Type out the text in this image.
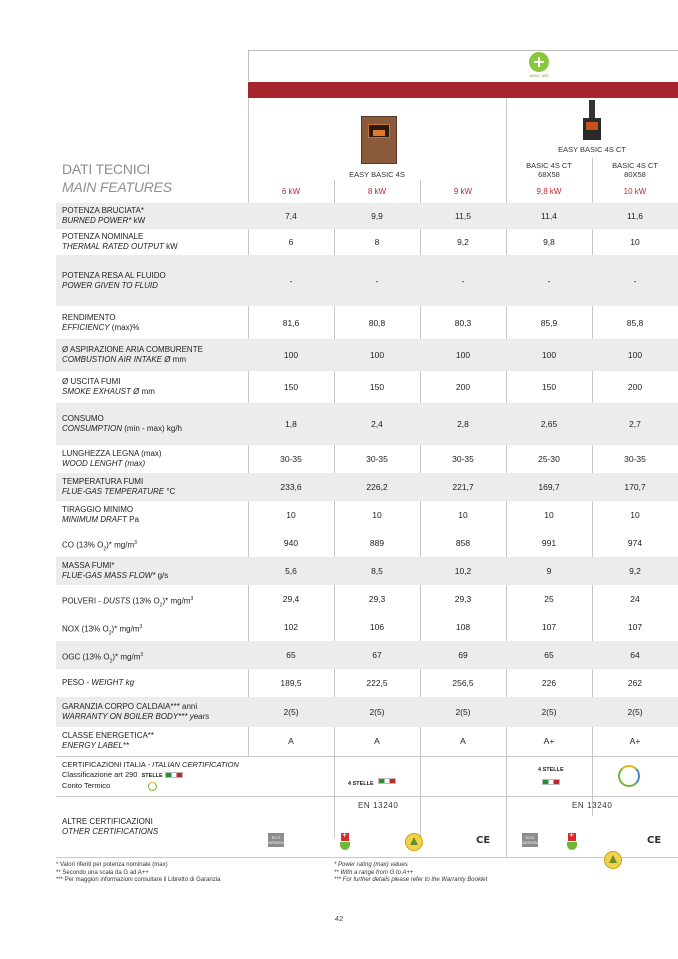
ARIA · ARI
DATI TECNICI
MAIN FEATURES
EASY BASIC 4S
EASY BASIC 4S CT
BASIC 4S CT
68X58
BASIC 4S CT
80X58
6 kW	8 kW	9 kW	9,8 kW	10 kW
POTENZA BRUCIATA*
BURNED POWER* kW	7,4	9,9	11,5	11,4	11,6
POTENZA NOMINALE
THERMAL RATED OUTPUT kW	6	8	9,2	9,8	10
POTENZA RESA AL FLUIDO
POWER GIVEN TO FLUID	-	-	-	-	-
RENDIMENTO
EFFICIENCY (max)%	81,6	80,8	80,3	85,9	85,8
Ø ASPIRAZIONE ARIA COMBURENTE
COMBUSTION AIR INTAKE Ø mm	100	100	100	100	100
Ø USCITA FUMI
SMOKE EXHAUST Ø mm	150	150	200	150	200
CONSUMO
CONSUMPTION (min - max) kg/h	1,8	2,4	2,8	2,65	2,7
LUNGHEZZA LEGNA (max)
WOOD LENGHT (max)	30-35	30-35	30-35	25-30	30-35
TEMPERATURA FUMI
FLUE-GAS TEMPERATURE °C	233,6	226,2	221,7	169,7	170,7
TIRAGGIO MINIMO
MINIMUM DRAFT Pa	10	10	10	10	10
CO (13% $O_2)*$ $mg/m^3$	940	889	858	991	974
MASSA FUMI*
FLUE-GAS MASS FLOW* g/s	5,6	8,5	10,2	9	9,2
POLVERI - DUSTS (13% $O_2)*$ $mg/m^3$	29,4	29,3	29,3	25	24
NOX (13% $O_2)*$ $mg/m^3$	102	106	108	107	107
OGC (13% $O_2)*$ $mg/m^3$	65	67	69	65	64
PESO - WEIGHT kg	189,5	222,5	256,5	226	262
GARANZIA CORPO CALDAIA*** anni
WARRANTY ON BOILER BODY*** years	2(5)	2(5)	2(5)	2(5)	2(5)
CLASSE ENERGETICA**
ENERGY LABEL**	A	A	A	A+	A+
CERTIFICAZIONI ITALIA - ITALIAN CERTIFICATION
Classificazione art 290 STELLE
Conto Termico	4 STELLE
4 STELLE
ALTRE CERTIFICAZIONI
OTHER CERTIFICATIONS
EN 13240	EN 13240
ECO DESIGN +	CE	ECO DESIGN +	CE
* Valori riferiti per potenza nominale (max)
** Secondo una scala da G ad A++
*** Per maggiori informazioni consultare il Libretto di Garanzia
* Power rating (max) values
** With a range from G to A++
*** For further details please refer to the Warranty Booklet
42
